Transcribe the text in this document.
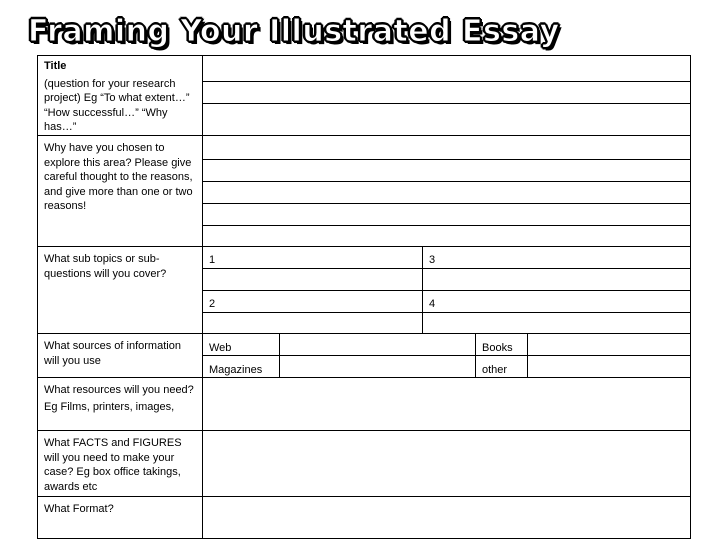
Framing Your Illustrated Essay

Title

(question for your research project) Eg “To what extent…” “How successful…” “Why has…”

Why have you chosen to explore this area? Please give careful thought to the reasons, and give more than one or two reasons!

What sub topics or sub-questions will you cover?

What sources of information will you use

What resources will you need?

Eg Films, printers, images,

What FACTS and FIGURES will you need to make your case? Eg box office takings, awards etc

What Format?

1
2
3
4
Web
Magazines
Books
other
